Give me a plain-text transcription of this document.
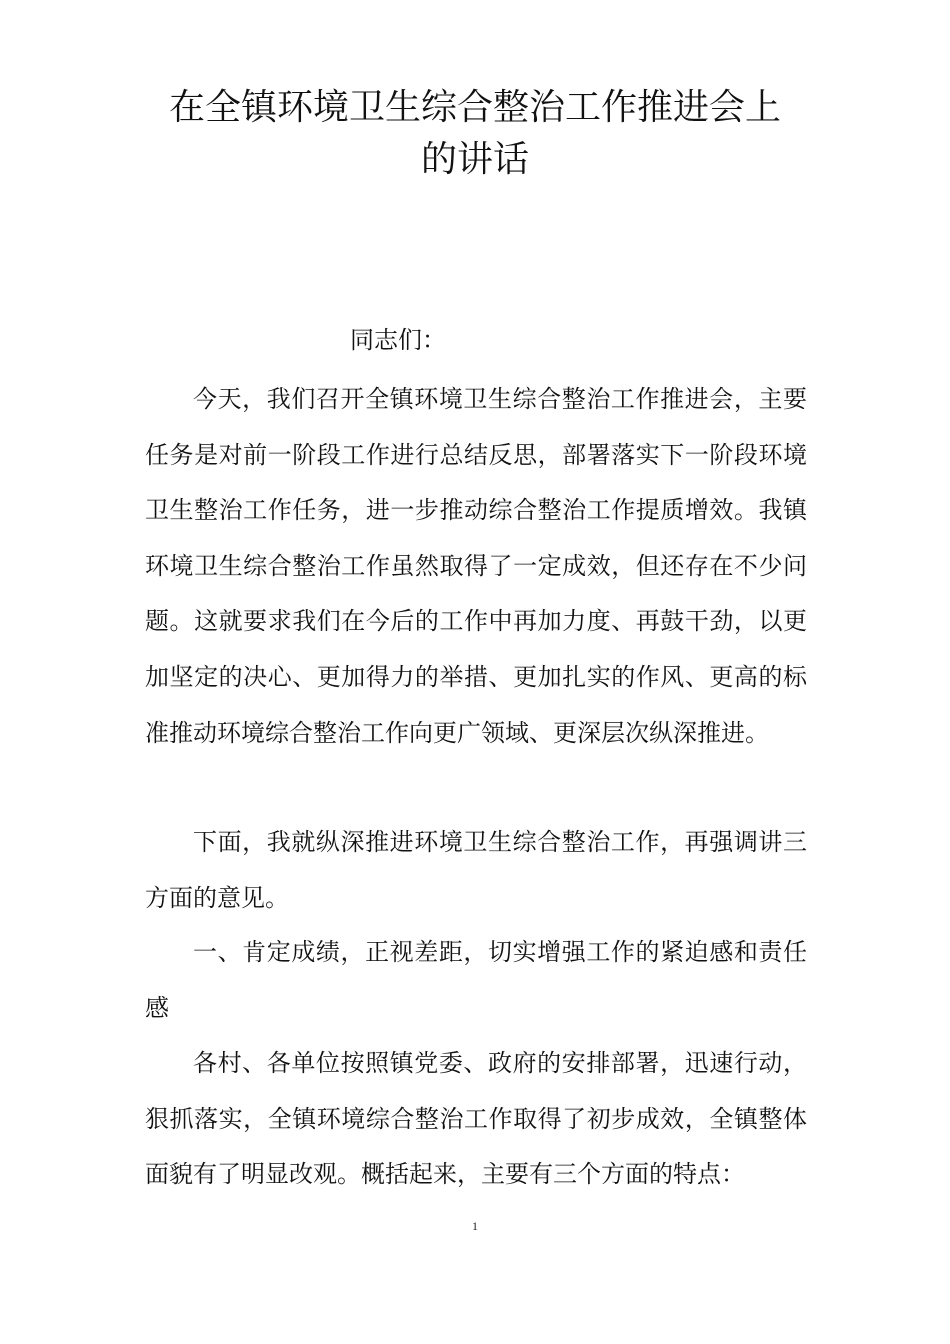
在全镇环境卫生综合整治工作推进会上
的讲话

同志们：

今天，我们召开全镇环境卫生综合整治工作推进会，主要任务是对前一阶段工作进行总结反思，部署落实下一阶段环境卫生整治工作任务，进一步推动综合整治工作提质增效。我镇环境卫生综合整治工作虽然取得了一定成效，但还存在不少问题。这就要求我们在今后的工作中再加力度、再鼓干劲，以更加坚定的决心、更加得力的举措、更加扎实的作风、更高的标准推动环境综合整治工作向更广领域、更深层次纵深推进。

下面，我就纵深推进环境卫生综合整治工作，再强调讲三方面的意见。

一、肯定成绩，正视差距，切实增强工作的紧迫感和责任感

各村、各单位按照镇党委、政府的安排部署，迅速行动，狠抓落实，全镇环境综合整治工作取得了初步成效，全镇整体面貌有了明显改观。概括起来，主要有三个方面的特点：

1
